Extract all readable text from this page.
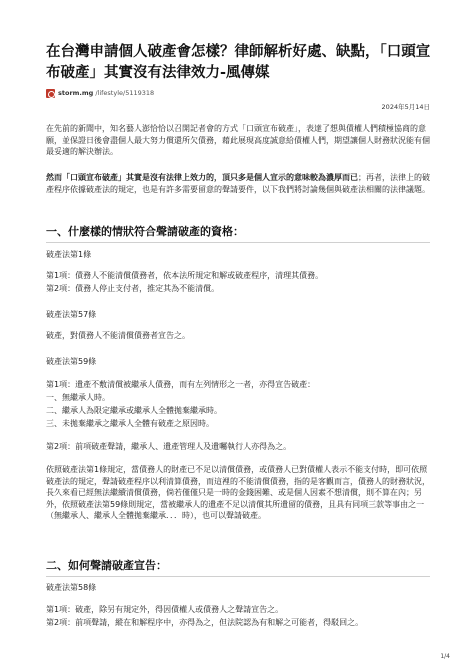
在台灣申請個人破產會怎樣？律師解析好處、缺點，「口頭宣布破產」其實沒有法律效力-風傳媒
storm.mg /lifestyle/5119318
2024年5月14日
在先前的新聞中，知名藝人澎恰恰以召開記者會的方式「口頭宣布破產」，表達了想與債權人們積極協商的意願，並保證日後會盡個人最大努力償還所欠債務，藉此展現高度誠意給債權人們，期望讓個人財務狀況能有個最妥適的解決辦法。
然而「口頭宣布破產」其實是沒有法律上效力的，頂只多是個人宣示的意味較為濃厚而已；再者，法律上的破產程序依據破產法的規定，也是有許多需要留意的聲請要件，以下我們將討論幾個與破產法相關的法律議題。
一、什麼樣的情狀符合聲請破產的資格：
破產法第1條
第1項：債務人不能清償債務者，依本法所規定和解或破產程序，清理其債務。
第2項：債務人停止支付者，推定其為不能清償。
破產法第57條
破產，對債務人不能清償債務者宣告之。
破產法第59條
第1項：遺產不敷清償被繼承人債務，而有左列情形之一者，亦得宣告破產：
一、無繼承人時。
二、繼承人為限定繼承或繼承人全體拋棄繼承時。
三、未拋棄繼承之繼承人全體有破產之原因時。
第2項：前項破產聲請，繼承人、遺產管理人及遺囑執行人亦得為之。
依照破產法第1條規定，當債務人的財產已不足以清償債務，或債務人已對債權人表示不能支付時，即可依照破產法的規定，聲請破產程序以利清算債務，而這裡的不能清償債務，指的是客觀而言，債務人的財務狀況，長久來看已經無法繼續清償債務，倘若僅僅只是一時的金錢困難、或是個人因素不想清償，則不算在內；另外，依照破產法第59條則規定，當被繼承人的遺產不足以清償其所遺留的債務，且具有同項三款等事由之一（無繼承人、繼承人全體拋棄繼承．．．時），也可以聲請破產。
二、如何聲請破產宣告：
破產法第58條
第1項：破產，除另有規定外，得因債權人或債務人之聲請宣告之。
第2項：前項聲請，縱在和解程序中，亦得為之，但法院認為有和解之可能者，得駁回之。
1/4
